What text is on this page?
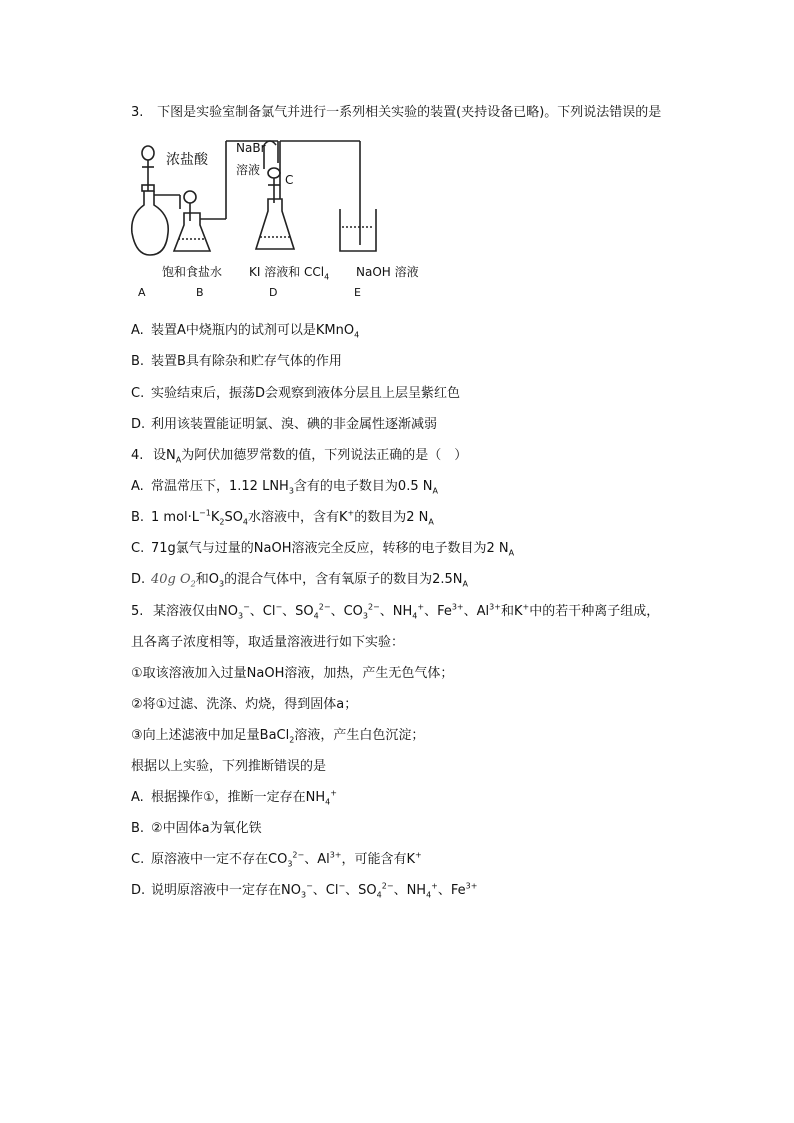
3. 下图是实验室制备氯气并进行一系列相关实验的装置(夹持设备已略)。下列说法错误的是
浓盐酸
NaBr
溶液
C
饱和食盐水 KI 溶液和 CCl$_4$ NaOH 溶液
A	B	D	E
A. 装置A中烧瓶内的试剂可以是KMnO$_4$
B. 装置B具有除杂和贮存气体的作用
C. 实验结束后，振荡D会观察到液体分层且上层呈紫红色
D. 利用该装置能证明氯、溴、碘的非金属性逐渐减弱
4. 设$N_A$为阿伏加德罗常数的值，下列说法正确的是（　）
A. 常温常压下，1.12 $LNH_3$含有的电子数目为0.5 $N_A$
B. 1 $mol\cdot L^{-1}K_2SO_4$水溶液中，含有K+的数目为2 $N_A$
C. 71g氯气与过量的NaOH溶液完全反应，转移的电子数目为2 $N_A$
D. 40g $O_2$和$O_3$的混合气体中，含有氧原子的数目为$2.5N_A$
5. 某溶液仅由$NO_3^-$、Cl−、$SO_4^{2-}$、$CO_3^{2-}$、$NH_4^+$、$Fe^{3+}$、$Al^{3+}$和K+中的若干种离子组成，
且各离子浓度相等，取适量溶液进行如下实验：
①取该溶液加入过量NaOH溶液，加热，产生无色气体；
②将①过滤、洗涤、灼烧，得到固体a；
③向上述滤液中加足量BaCl$_2$溶液，产生白色沉淀；
根据以上实验，下列推断错误的是
A. 根据操作①，推断一定存在$NH_4^+$
B. ②中固体a为氧化铁
C. 原溶液中一定不存在$CO_3^{2-}$、$Al^{3+}$，可能含有K+
D. 说明原溶液中一定存在$NO_3^-$、Cl−、$SO_4^{2-}$、$NH_4^+$、$Fe^{3+}$
